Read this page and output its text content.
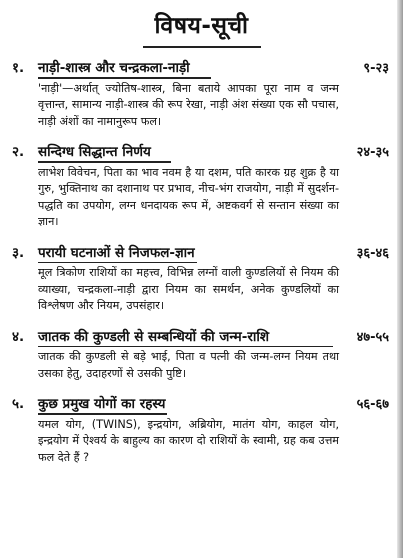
विषय-सूची
१.	नाड़ी-शास्त्र और चन्द्रकला-नाड़ी	९-२३
'नाड़ी'—अर्थात् ज्योतिष-शास्त्र, बिना बताये आपका पूरा नाम व जन्म वृत्तान्त, सामान्य नाड़ी-शास्त्र की रूप रेखा, नाड़ी अंश संख्या एक सौ पचास, नाड़ी अंशों का नामानुरूप फल।
२.	सन्दिग्ध सिद्धान्त निर्णय	२४-३५
लाभेश विवेचन, पिता का भाव नवम है या दशम, पति कारक ग्रह शुक्र है या गुरु, भुक्तिनाथ का दशानाथ पर प्रभाव, नीच-भंग राजयोग, नाड़ी में सुदर्शन-पद्धति का उपयोग, लग्न धनदायक रूप में, अष्टकवर्ग से सन्तान संख्या का ज्ञान।
३.	परायी घटनाओं से निजफल-ज्ञान	३६-४६
मूल त्रिकोण राशियों का महत्त्व, विभिन्न लग्नों वाली कुण्डलियों से नियम की व्याख्या, चन्द्रकला-नाड़ी द्वारा नियम का समर्थन, अनेक कुण्डलियों का विश्लेषण और नियम, उपसंहार।
४.	जातक की कुण्डली से सम्बन्धियों की जन्म-राशि	४७-५५
जातक की कुण्डली से बड़े भाई, पिता व पत्नी की जन्म-लग्न नियम तथा उसका हेतु, उदाहरणों से उसकी पुष्टि।
५.	कुछ प्रमुख योगों का रहस्य	५६-६७
यमल योग, (TWINS), इन्द्रयोग, अब्रियोग, मातंग योग, काहल योग, इन्द्रयोग में ऐश्वर्य के बाहुल्य का कारण दो राशियों के स्वामी, ग्रह कब उत्तम फल देते हैं ?
